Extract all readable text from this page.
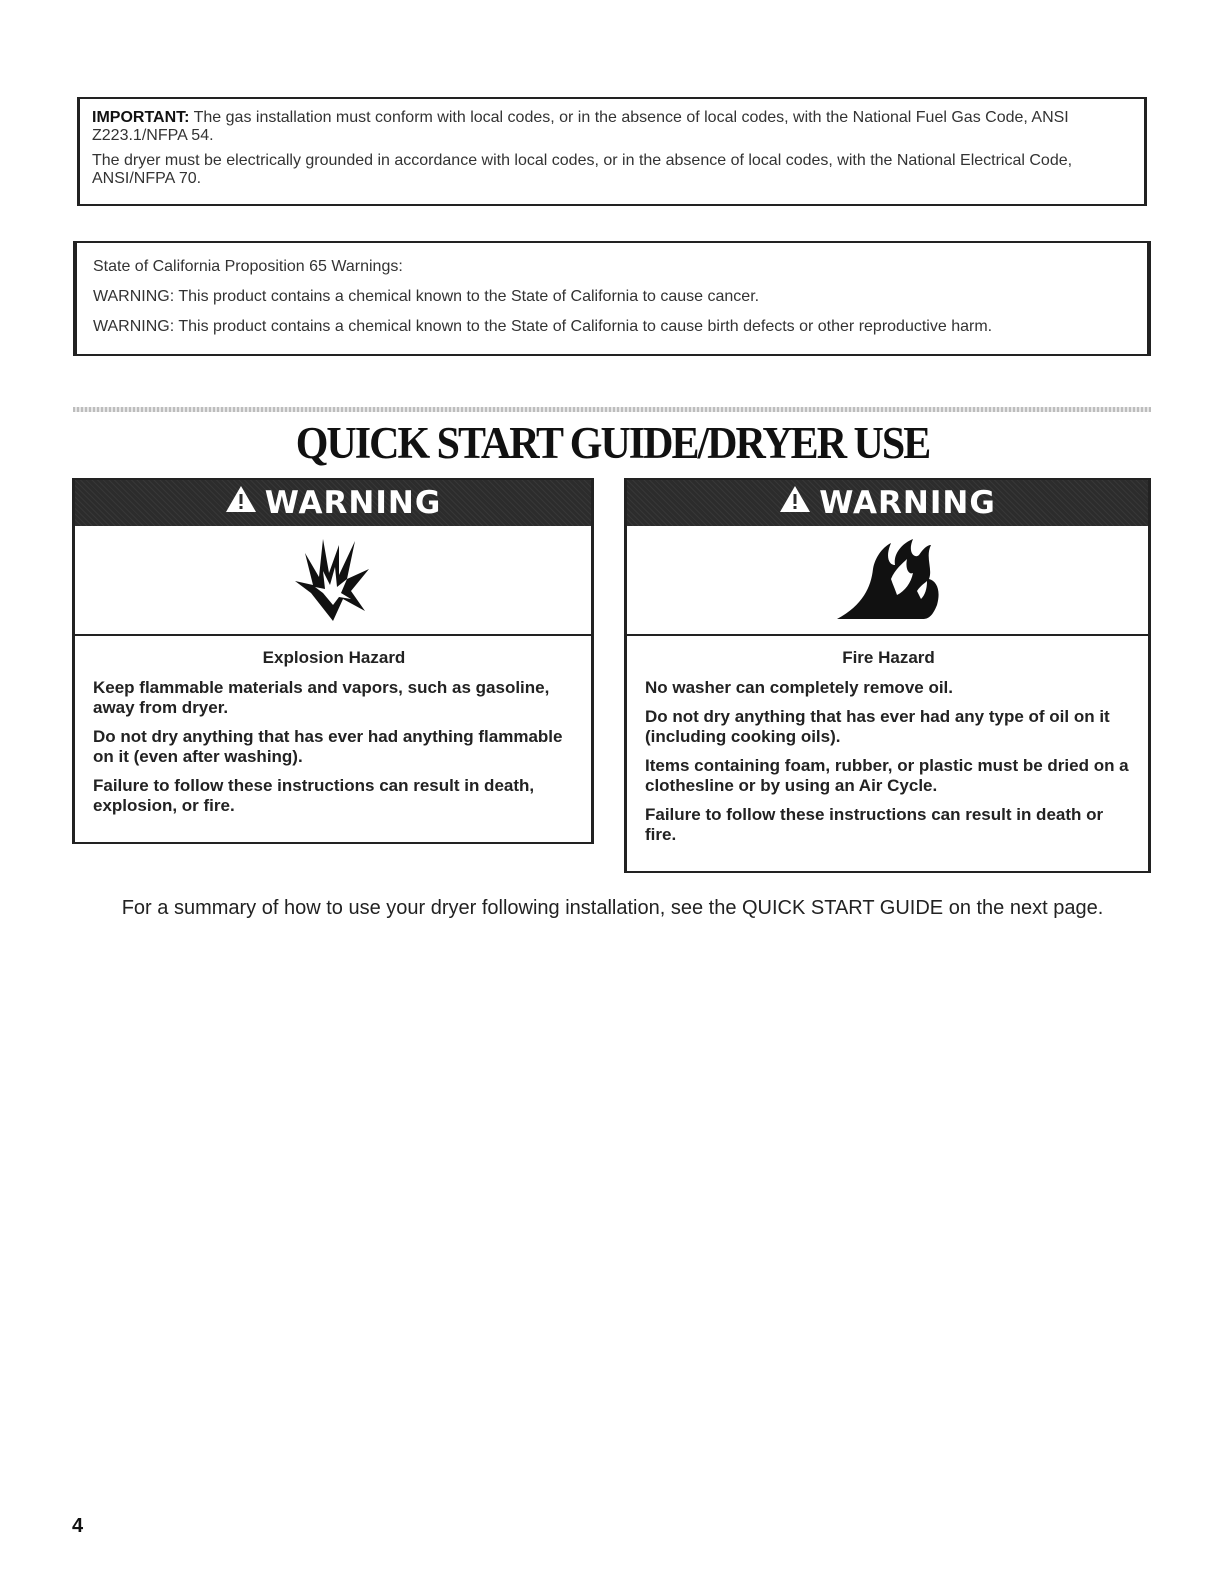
IMPORTANT: The gas installation must conform with local codes, or in the absence of local codes, with the National Fuel Gas Code, ANSI Z223.1/NFPA 54.

The dryer must be electrically grounded in accordance with local codes, or in the absence of local codes, with the National Electrical Code, ANSI/NFPA 70.

State of California Proposition 65 Warnings:

WARNING: This product contains a chemical known to the State of California to cause cancer.

WARNING: This product contains a chemical known to the State of California to cause birth defects or other reproductive harm.

QUICK START GUIDE/DRYER USE
WARNING
Explosion Hazard

Keep flammable materials and vapors, such as gasoline, away from dryer.

Do not dry anything that has ever had anything flammable on it (even after washing).

Failure to follow these instructions can result in death, explosion, or fire.

WARNING
Fire Hazard

No washer can completely remove oil.

Do not dry anything that has ever had any type of oil on it (including cooking oils).

Items containing foam, rubber, or plastic must be dried on a clothesline or by using an Air Cycle.

Failure to follow these instructions can result in death or fire.

For a summary of how to use your dryer following installation, see the QUICK START GUIDE on the next page.
4
